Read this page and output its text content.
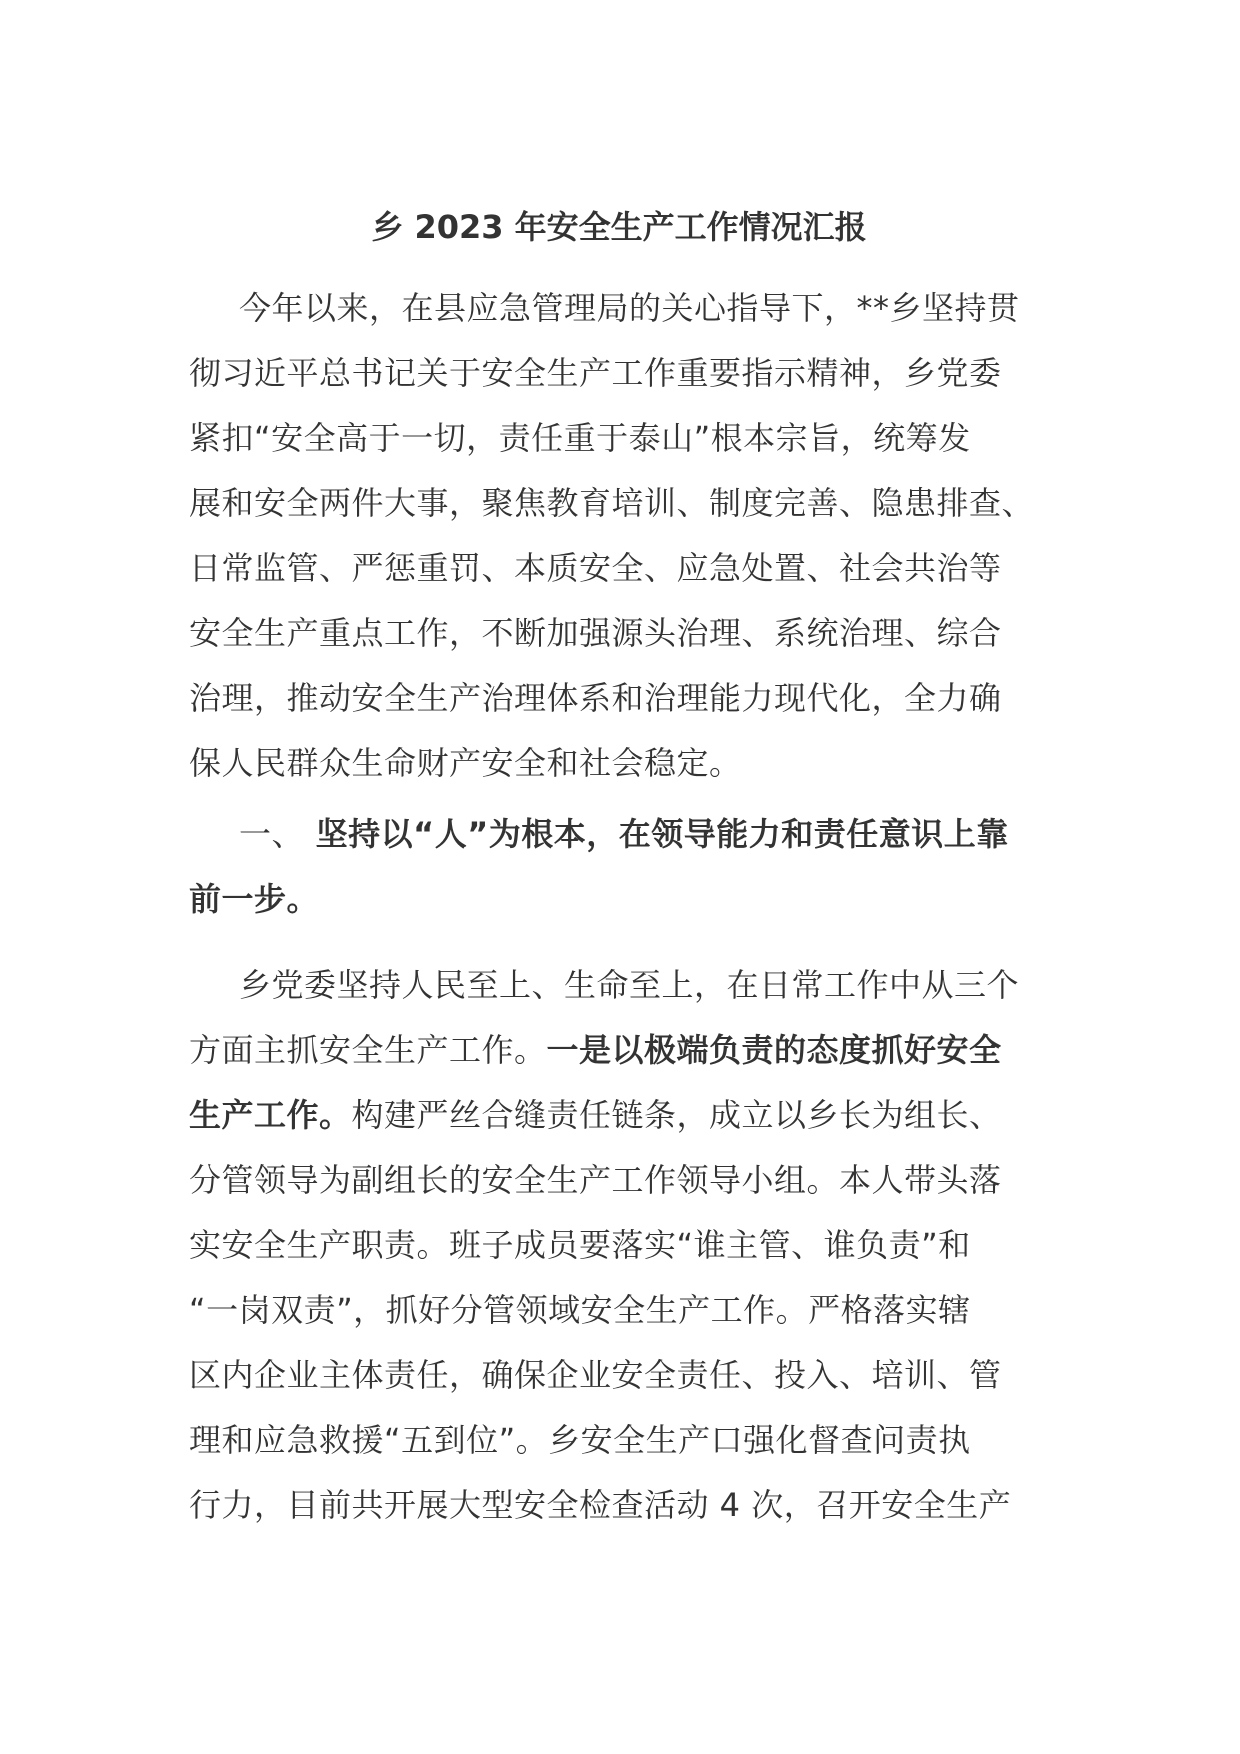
乡 2023 年安全生产工作情况汇报
今年以来，在县应急管理局的关心指导下，**乡坚持贯
彻习近平总书记关于安全生产工作重要指示精神，乡党委
紧扣“安全高于一切，责任重于泰山”根本宗旨，统筹发
展和安全两件大事，聚焦教育培训、制度完善、隐患排查、
日常监管、严惩重罚、本质安全、应急处置、社会共治等
安全生产重点工作，不断加强源头治理、系统治理、综合
治理，推动安全生产治理体系和治理能力现代化，全力确
保人民群众生命财产安全和社会稳定。
一、 坚持以“人”为根本，在领导能力和责任意识上靠
前一步。
乡党委坚持人民至上、生命至上，在日常工作中从三个
方面主抓安全生产工作。一是以极端负责的态度抓好安全
生产工作。构建严丝合缝责任链条，成立以乡长为组长、
分管领导为副组长的安全生产工作领导小组。本人带头落
实安全生产职责。班子成员要落实“谁主管、谁负责”和
“一岗双责”，抓好分管领域安全生产工作。严格落实辖
区内企业主体责任，确保企业安全责任、投入、培训、管
理和应急救援“五到位”。乡安全生产口强化督查问责执
行力，目前共开展大型安全检查活动 4 次，召开安全生产
